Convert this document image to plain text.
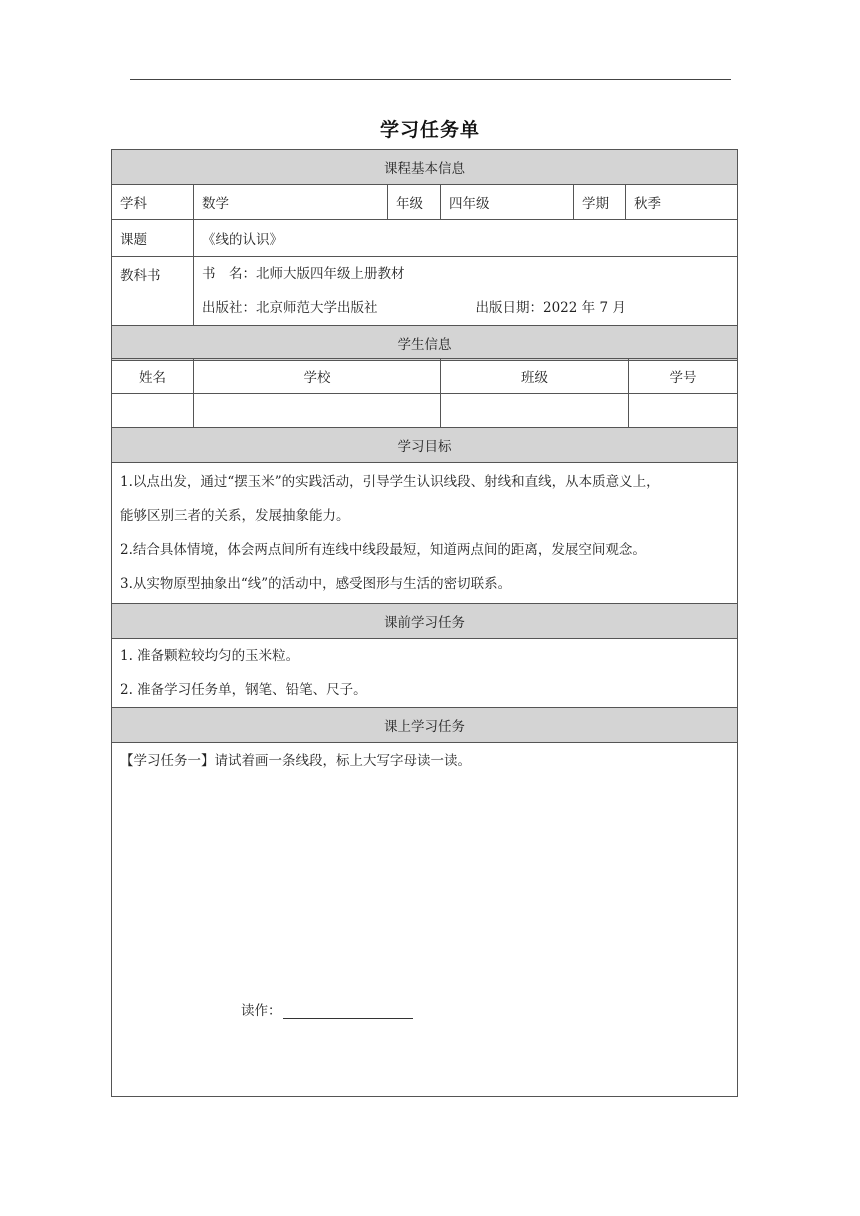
学习任务单
课程基本信息					
学科	数学	年级	四年级	学期	秋季
课题	《线的认识》				
教科书	书　名：北师大版四年级上册教材
出版社：北京师范大学出版社 出版日期：2022 年 7 月				

学生信息					
姓名	学校	班级	学号

学习目标

1.以点出发，通过“摆玉米”的实践活动，引导学生认识线段、射线和直线，从本质意义上，

能够区别三者的关系，发展抽象能力。

2.结合具体情境，体会两点间所有连线中线段最短，知道两点间的距离，发展空间观念。

3.从实物原型抽象出“线”的活动中，感受图形与生活的密切联系。

课前学习任务

1. 准备颗粒较均匀的玉米粒。

2. 准备学习任务单，钢笔、铅笔、尺子。

课上学习任务

【学习任务一】请试着画一条线段，标上大写字母读一读。
读作：
